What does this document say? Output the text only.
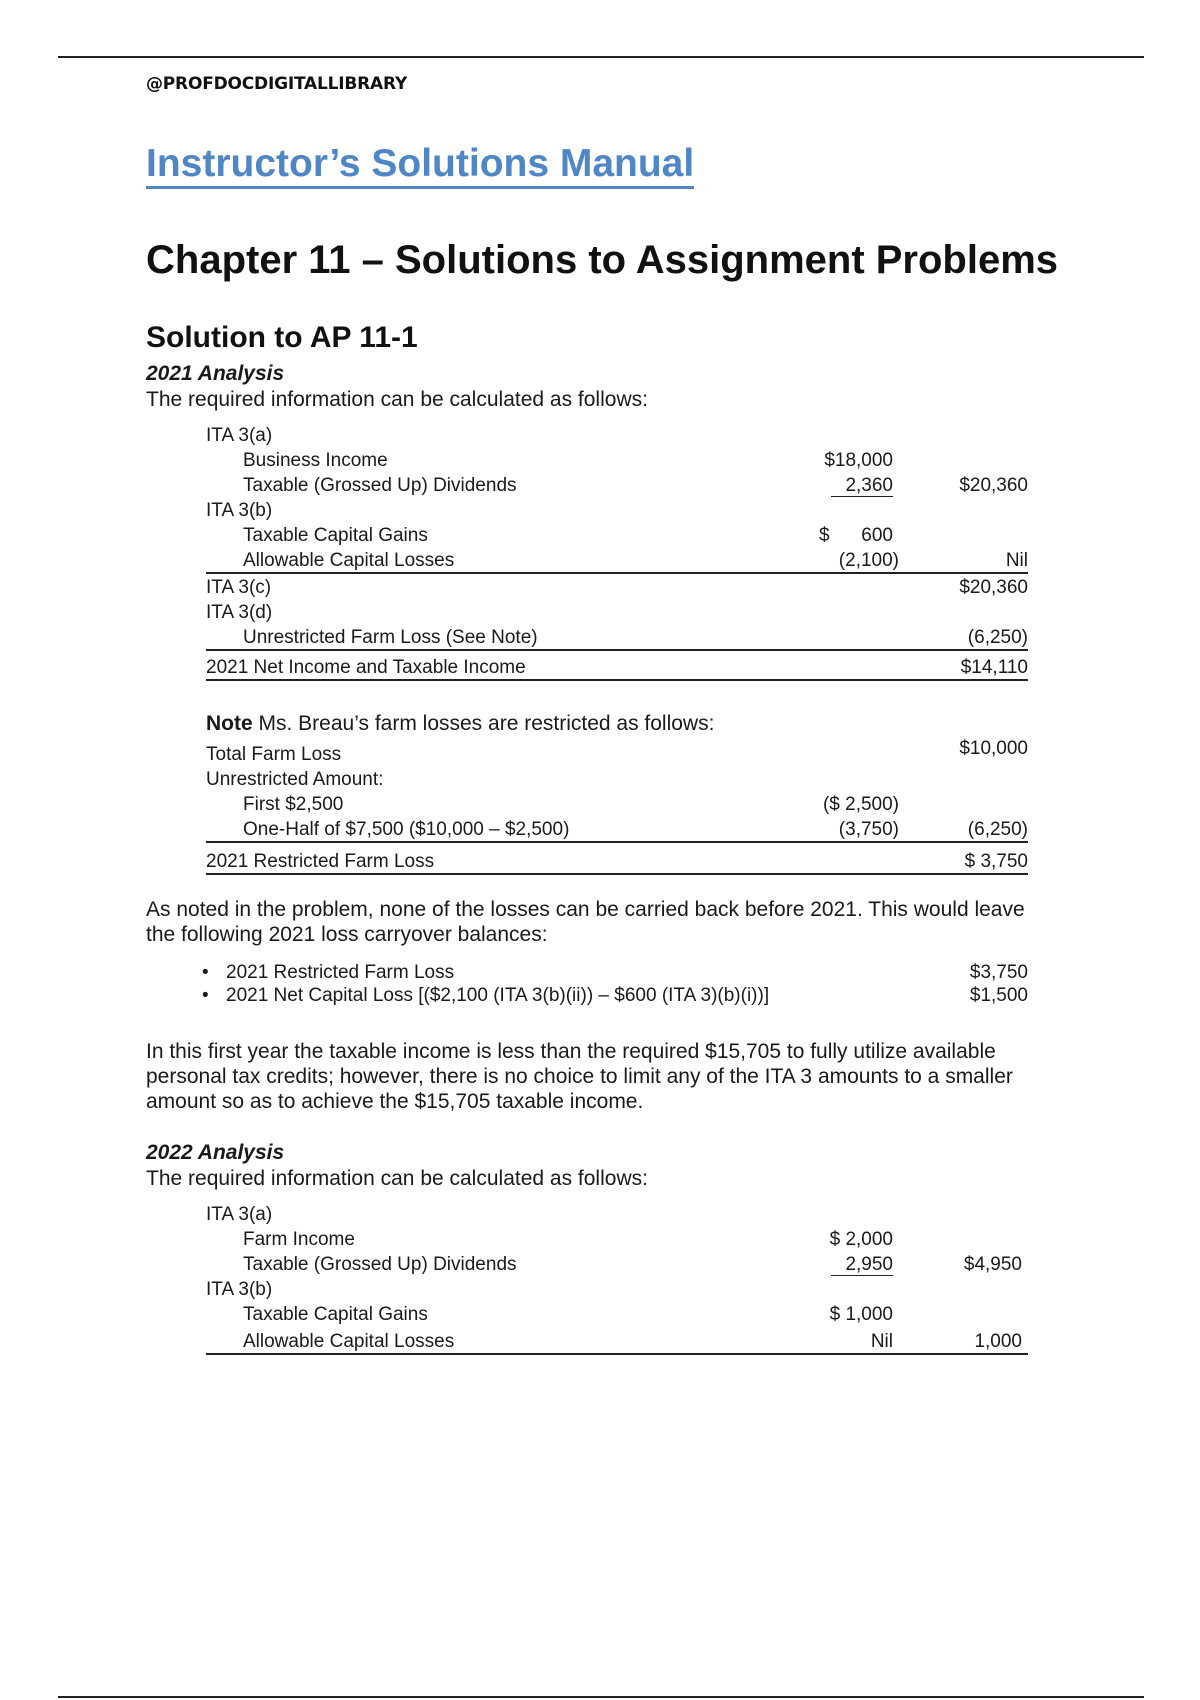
@PROFDOCDIGITALLIBRARY

Instructor’s Solutions Manual
Chapter 11 – Solutions to Assignment Problems
Solution to AP 11-1

2021 Analysis

The required information can be calculated as follows:

ITA 3(a)		
Business Income	$18,000	
Taxable (Grossed Up) Dividends	2,360	$20,360
ITA 3(b)		
Taxable Capital Gains	$      600	
Allowable Capital Losses	(2,100)	Nil
ITA 3(c)		$20,360
ITA 3(d)		
Unrestricted Farm Loss (See Note)		(6,250)
2021 Net Income and Taxable Income		$14,110

Note Ms. Breau’s farm losses are restricted as follows:

Total Farm Loss		$10,000
Unrestricted Amount:		
First $2,500	($ 2,500)	
One-Half of $7,500 ($10,000 – $2,500)	(3,750)	(6,250)
2021 Restricted Farm Loss		$ 3,750

As noted in the problem, none of the losses can be carried back before 2021. This would leave the following 2021 loss carryover balances:

• 2021 Restricted Farm Loss	$3,750
• 2021 Net Capital Loss [($2,100 (ITA 3(b)(ii)) – $600 (ITA 3)(b)(i))]	$1,500

In this first year the taxable income is less than the required $15,705 to fully utilize available personal tax credits; however, there is no choice to limit any of the ITA 3 amounts to a smaller amount so as to achieve the $15,705 taxable income.

2022 Analysis

The required information can be calculated as follows:

ITA 3(a)		
Farm Income	$ 2,000	
Taxable (Grossed Up) Dividends	2,950	$4,950
ITA 3(b)		
Taxable Capital Gains	$ 1,000	
Allowable Capital Losses	Nil	1,000
